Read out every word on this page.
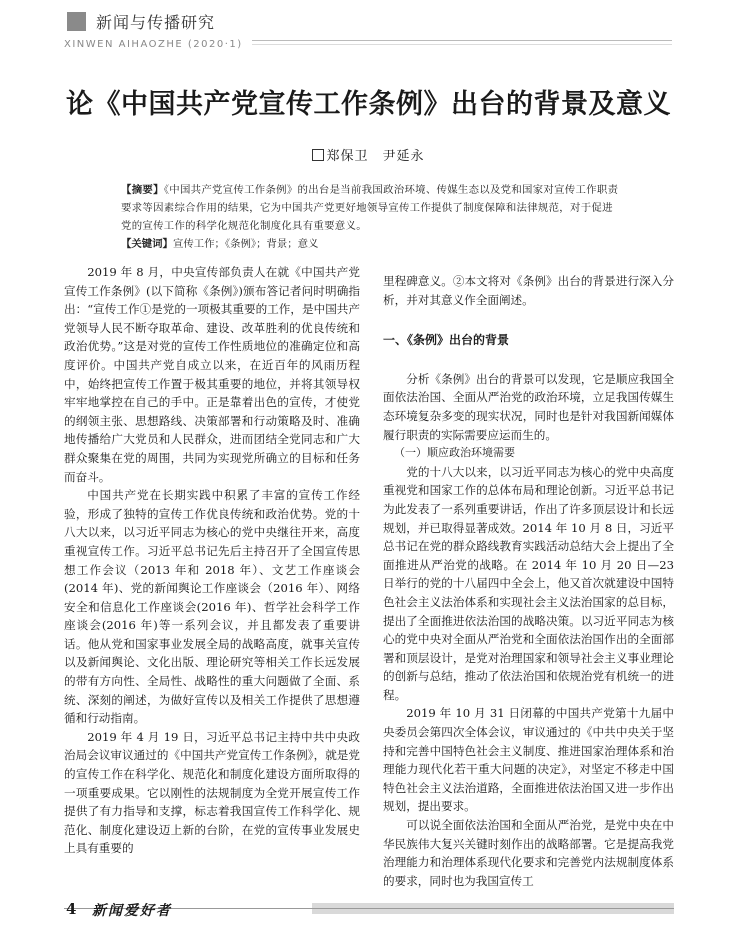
新闻与传播研究
XINWEN AIHAOZHE (2020·1)
论《中国共产党宣传工作条例》出台的背景及意义
郑保卫　尹延永
【摘要】《中国共产党宣传工作条例》的出台是当前我国政治环境、传媒生态以及党和国家对宣传工作职责要求等因素综合作用的结果，它为中国共产党更好地领导宣传工作提供了制度保障和法律规范，对于促进党的宣传工作的科学化规范化制度化具有重要意义。
【关键词】宣传工作；《条例》；背景；意义

2019 年 8 月，中央宣传部负责人在就《中国共产党宣传工作条例》(以下简称《条例》)颁布答记者问时明确指出：“宣传工作①是党的一项极其重要的工作，是中国共产党领导人民不断夺取革命、建设、改革胜利的优良传统和政治优势。”这是对党的宣传工作性质地位的准确定位和高度评价。中国共产党自成立以来，在近百年的风雨历程中，始终把宣传工作置于极其重要的地位，并将其领导权牢牢地掌控在自己的手中。正是靠着出色的宣传，才使党的纲领主张、思想路线、决策部署和行动策略及时、准确地传播给广大党员和人民群众，进而团结全党同志和广大群众聚集在党的周围，共同为实现党所确立的目标和任务而奋斗。

中国共产党在长期实践中积累了丰富的宣传工作经验，形成了独特的宣传工作优良传统和政治优势。党的十八大以来，以习近平同志为核心的党中央继往开来，高度重视宣传工作。习近平总书记先后主持召开了全国宣传思想工作会议（2013 年和 2018 年）、文艺工作座谈会(2014 年)、党的新闻舆论工作座谈会（2016 年）、网络安全和信息化工作座谈会(2016 年)、哲学社会科学工作座谈会(2016 年)等一系列会议，并且都发表了重要讲话。他从党和国家事业发展全局的战略高度，就事关宣传以及新闻舆论、文化出版、理论研究等相关工作长远发展的带有方向性、全局性、战略性的重大问题做了全面、系统、深刻的阐述，为做好宣传以及相关工作提供了思想遵循和行动指南。

2019 年 4 月 19 日，习近平总书记主持中共中央政治局会议审议通过的《中国共产党宣传工作条例》，就是党的宣传工作在科学化、规范化和制度化建设方面所取得的一项重要成果。它以刚性的法规制度为全党开展宣传工作提供了有力指导和支撑，标志着我国宣传工作科学化、规范化、制度化建设迈上新的台阶，在党的宣传事业发展史上具有重要的

里程碑意义。②本文将对《条例》出台的背景进行深入分析，并对其意义作全面阐述。

一、《条例》出台的背景

分析《条例》出台的背景可以发现，它是顺应我国全面依法治国、全面从严治党的政治环境，立足我国传媒生态环境复杂多变的现实状况，同时也是针对我国新闻媒体履行职责的实际需要应运而生的。

（一）顺应政治环境需要

党的十八大以来，以习近平同志为核心的党中央高度重视党和国家工作的总体布局和理论创新。习近平总书记为此发表了一系列重要讲话，作出了许多顶层设计和长远规划，并已取得显著成效。2014 年 10 月 8 日，习近平总书记在党的群众路线教育实践活动总结大会上提出了全面推进从严治党的战略。在 2014 年 10 月 20 日—23 日举行的党的十八届四中全会上，他又首次就建设中国特色社会主义法治体系和实现社会主义法治国家的总目标，提出了全面推进依法治国的战略决策。以习近平同志为核心的党中央对全面从严治党和全面依法治国作出的全面部署和顶层设计，是党对治理国家和领导社会主义事业理论的创新与总结，推动了依法治国和依规治党有机统一的进程。

2019 年 10 月 31 日闭幕的中国共产党第十九届中央委员会第四次全体会议，审议通过的《中共中央关于坚持和完善中国特色社会主义制度、推进国家治理体系和治理能力现代化若干重大问题的决定》，对坚定不移走中国特色社会主义法治道路，全面推进依法治国又进一步作出规划，提出要求。

可以说全面依法治国和全面从严治党，是党中央在中华民族伟大复兴关键时刻作出的战略部署。它是提高我党治理能力和治理体系现代化要求和完善党内法规制度体系的要求，同时也为我国宣传工

4 新闻爱好者
